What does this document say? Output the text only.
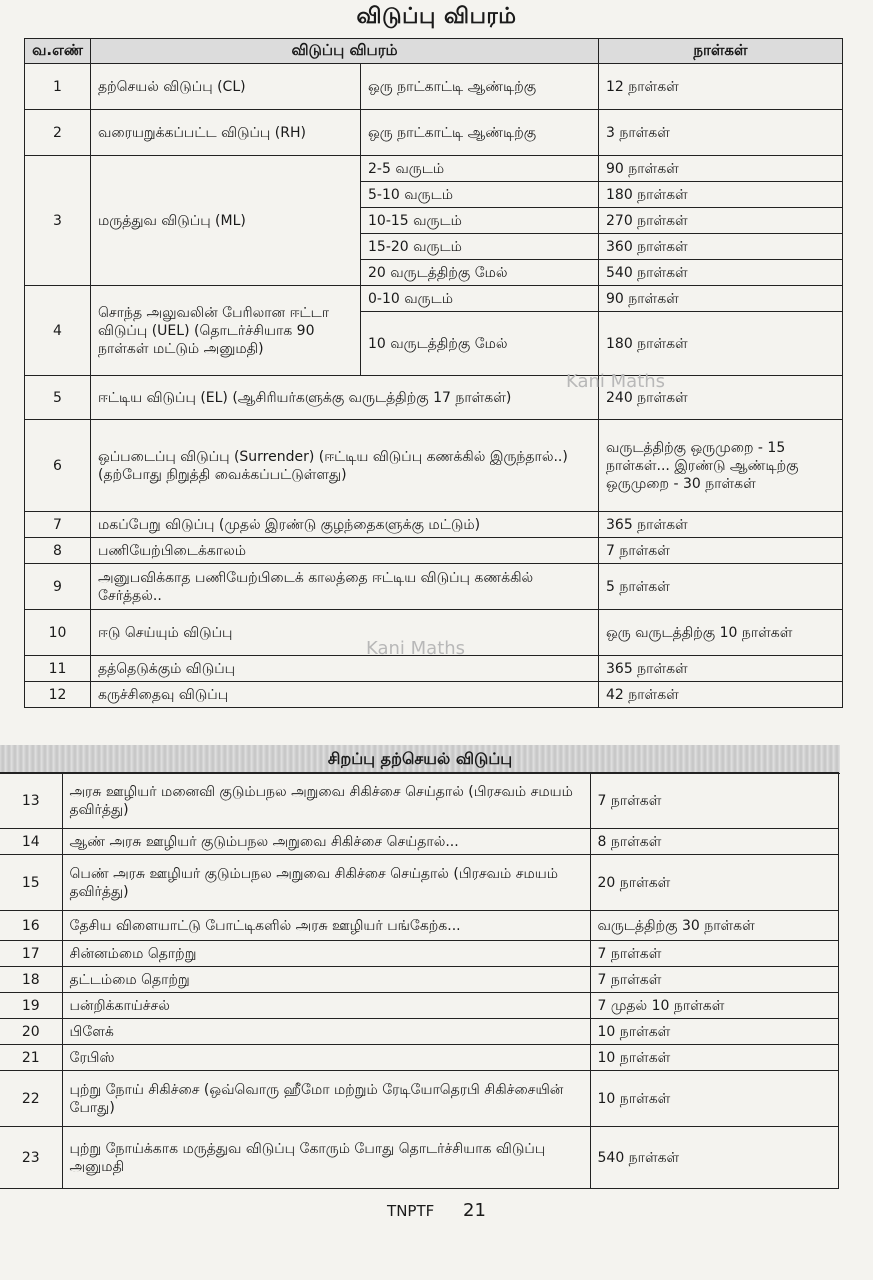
விடுப்பு விபரம்
வ.எண்	விடுப்பு விபரம்		நாள்கள்
1	தற்செயல் விடுப்பு (CL)	ஒரு நாட்காட்டி ஆண்டிற்கு	12 நாள்கள்
2	வரையறுக்கப்பட்ட விடுப்பு (RH)	ஒரு நாட்காட்டி ஆண்டிற்கு	3 நாள்கள்
3	மருத்துவ விடுப்பு (ML)	2-5 வருடம்	90 நாள்கள்
		5-10 வருடம்	180 நாள்கள்
		10-15 வருடம்	270 நாள்கள்
		15-20 வருடம்	360 நாள்கள்
		20 வருடத்திற்கு மேல்	540 நாள்கள்
4	சொந்த அலுவலின் பேரிலான ஈட்டா விடுப்பு (UEL) (தொடர்ச்சியாக 90 நாள்கள் மட்டும் அனுமதி)	0-10 வருடம்	90 நாள்கள்
		10 வருடத்திற்கு மேல்	180 நாள்கள்
5	ஈட்டிய விடுப்பு (EL) (ஆசிரியர்களுக்கு வருடத்திற்கு 17 நாள்கள்)		240 நாள்கள்
6	ஒப்படைப்பு விடுப்பு (Surrender) (ஈட்டிய விடுப்பு கணக்கில் இருந்தால்..) (தற்போது நிறுத்தி வைக்கப்பட்டுள்ளது)		வருடத்திற்கு ஒருமுறை - 15 நாள்கள்... இரண்டு ஆண்டிற்கு ஒருமுறை - 30 நாள்கள்
7	மகப்பேறு விடுப்பு (முதல் இரண்டு குழந்தைகளுக்கு மட்டும்)		365 நாள்கள்
8	பணியேற்பிடைக்காலம்		7 நாள்கள்
9	அனுபவிக்காத பணியேற்பிடைக் காலத்தை ஈட்டிய விடுப்பு கணக்கில் சேர்த்தல்..		5 நாள்கள்
10	ஈடு செய்யும் விடுப்பு		ஒரு வருடத்திற்கு 10 நாள்கள்
11	தத்தெடுக்கும் விடுப்பு		365 நாள்கள்
12	கருச்சிதைவு விடுப்பு		42 நாள்கள்
சிறப்பு தற்செயல் விடுப்பு
13	அரசு ஊழியர் மனைவி குடும்பநல அறுவை சிகிச்சை செய்தால் (பிரசவம் சமயம் தவிர்த்து)	7 நாள்கள்
14	ஆண் அரசு ஊழியர் குடும்பநல அறுவை சிகிச்சை செய்தால்...	8 நாள்கள்
15	பெண் அரசு ஊழியர் குடும்பநல அறுவை சிகிச்சை செய்தால் (பிரசவம் சமயம் தவிர்த்து)	20 நாள்கள்
16	தேசிய விளையாட்டு போட்டிகளில் அரசு ஊழியர் பங்கேற்க...	வருடத்திற்கு 30 நாள்கள்
17	சின்னம்மை தொற்று	7 நாள்கள்
18	தட்டம்மை தொற்று	7 நாள்கள்
19	பன்றிக்காய்ச்சல்	7 முதல் 10 நாள்கள்
20	பிளேக்	10 நாள்கள்
21	ரேபிஸ்	10 நாள்கள்
22	புற்று நோய் சிகிச்சை (ஒவ்வொரு ஹீமோ மற்றும் ரேடியோதெரபி சிகிச்சையின் போது)	10 நாள்கள்
23	புற்று நோய்க்காக மருத்துவ விடுப்பு கோரும் போது தொடர்ச்சியாக விடுப்பு அனுமதி	540 நாள்கள்
Kani Maths
Kani Maths
TNPTF 21
